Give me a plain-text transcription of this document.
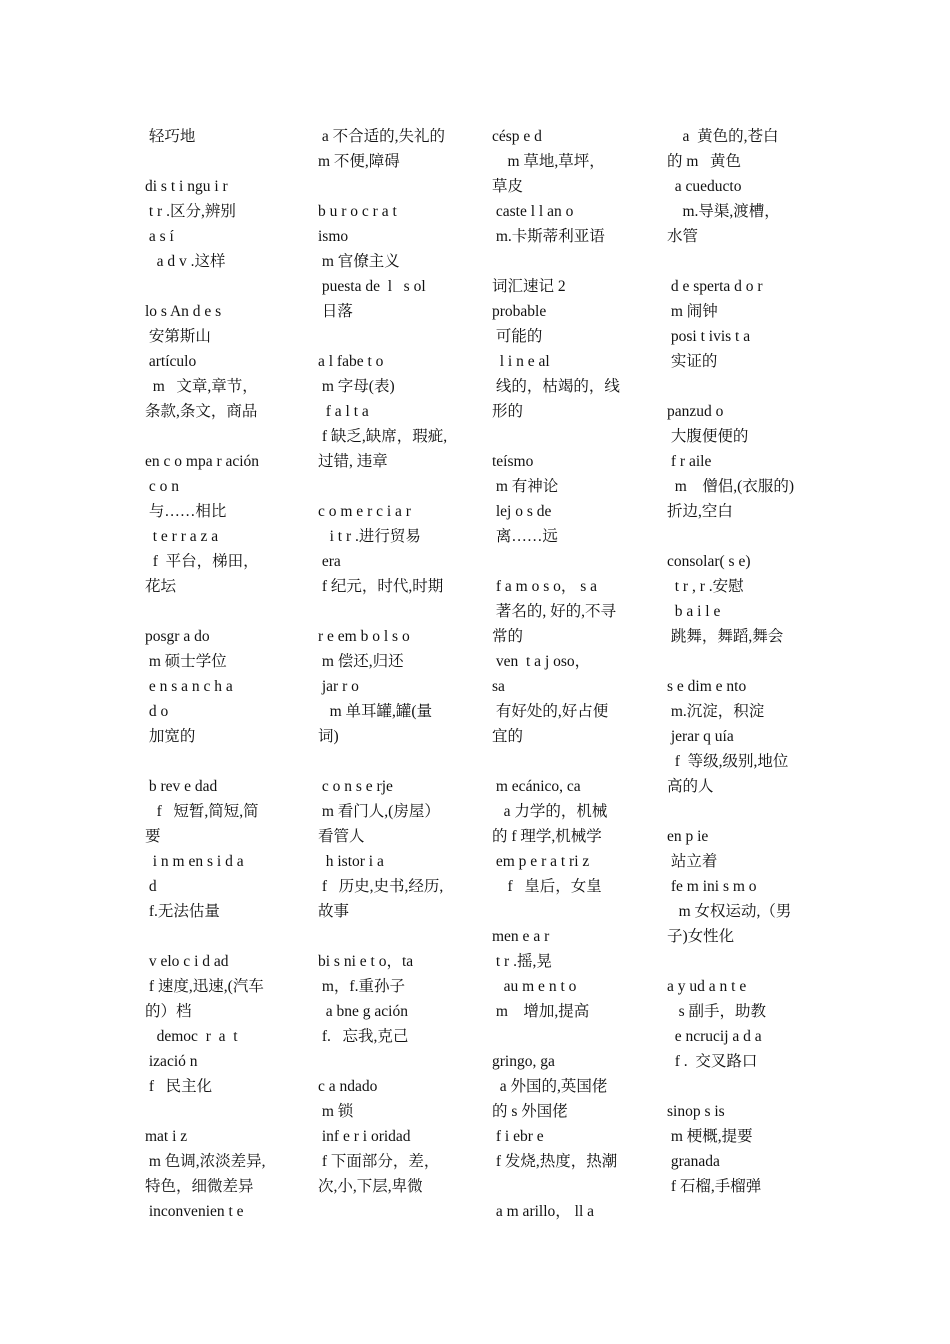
轻巧地
di s t i ngu i r
t r .区分,辨别
a s í
a d v .这样
lo s An d e s
安第斯山
artículo
m   文章,章节，
条款,条文，商品
en c o mpa r ación
c o n
与……相比
t e r r a z a
f  平台，梯田，
花坛
posgr a do
m 硕士学位
e n s a n c h a
d o
加宽的
b rev e dad
f   短暂,简短,简
要
i n m en s i d a
d
f.无法估量
v elo c i d ad
f 速度,迅速,(汽车
的）档
democ  r  a  t
izació n
f   民主化
mat i z
m 色调,浓淡差异,
特色，细微差异
inconvenien t e
a 不合适的,失礼的
m 不便,障碍
b u r o c r a t
ismo
m 官僚主义
puesta de  l   s ol
日落
a l fabe t o
m 字母(表)
f a l t a
f 缺乏,缺席，瑕疵,
过错, 违章
c o m e r c i a r
i t r .进行贸易
era
f 纪元，时代,时期
r e em b o l s o
m 偿还,归还
jar r o
m 单耳罐,罐(量
词)
c o n s e rje
m 看门人,(房屋）
看管人
h istor i a
f   历史,史书,经历,
故事
bi s ni e t o，ta
m，f.重孙子
a bne g ación
f.   忘我,克己
c a ndado
m 锁
inf e r i oridad
f 下面部分，差，
次,小,下层,卑微
césp e d
m 草地,草坪，
草皮
caste l l an o
m.卡斯蒂利亚语
词汇速记 2
probable
可能的
l i n e al
线的，枯竭的，线
形的
teísmo
m 有神论
lej o s de
离……远
f a m o s o， s a
著名的, 好的,不寻
常的
ven  t a j oso，
sa
有好处的,好占便
宜的
m ecánico, ca
a 力学的，机械
的 f 理学,机械学
em p e r a t ri z
f   皇后，女皇
men e a r
t r .摇,晃
au m e n t o
m    增加,提高
gringo, ga
a 外国的,英国佬
的 s 外国佬
f i ebr e
f 发烧,热度，热潮
a m arillo， ll a
a  黄色的,苍白
的 m   黄色
a cueducto
m.导渠,渡槽，
水管
d e sperta d o r
m 闹钟
posi t ivis t a
实证的
panzud o
大腹便便的
f r aile
m    僧侣,(衣服的)
折边,空白
consolar( s e)
t r , r .安慰
b a i l e
跳舞，舞蹈,舞会
s e dim e nto
m.沉淀，积淀
jerar q uía
f  等级,级别,地位
高的人
en p ie
站立着
fe m ini s m o
m 女权运动,（男
子)女性化
a y ud a n t e
s 副手，助教
e ncrucij a d a
f .  交叉路口
sinop s is
m 梗概,提要
granada
f 石榴,手榴弹
